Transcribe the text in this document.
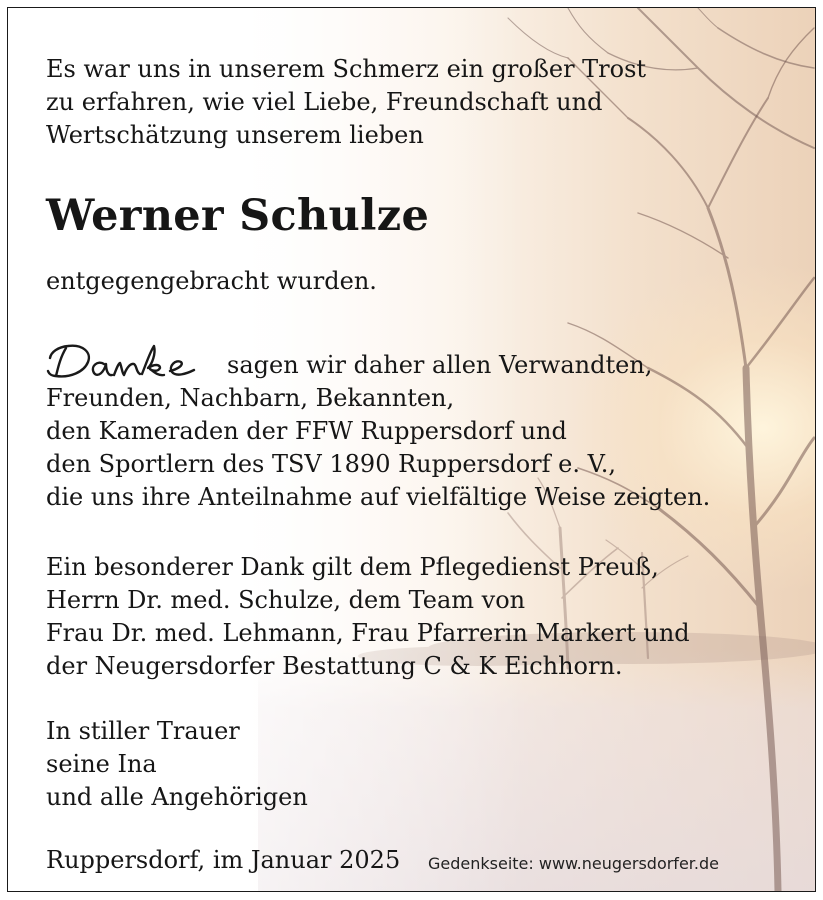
Es war uns in unserem Schmerz ein großer Trost
zu erfahren, wie viel Liebe, Freundschaft und
Wertschätzung unserem lieben

Werner Schulze

entgegengebracht wurden.

Danke
sagen wir daher allen Verwandten,
Freunden, Nachbarn, Bekannten,
den Kameraden der FFW Ruppersdorf und
den Sportlern des TSV 1890 Ruppersdorf e. V.,
die uns ihre Anteilnahme auf vielfältige Weise zeigten.

Ein besonderer Dank gilt dem Pflegedienst Preuß,
Herrn Dr. med. Schulze, dem Team von
Frau Dr. med. Lehmann, Frau Pfarrerin Markert und
der Neugersdorfer Bestattung C & K Eichhorn.

In stiller Trauer
seine Ina
und alle Angehörigen

Ruppersdorf, im Januar 2025 Gedenkseite: www.neugersdorfer.de
